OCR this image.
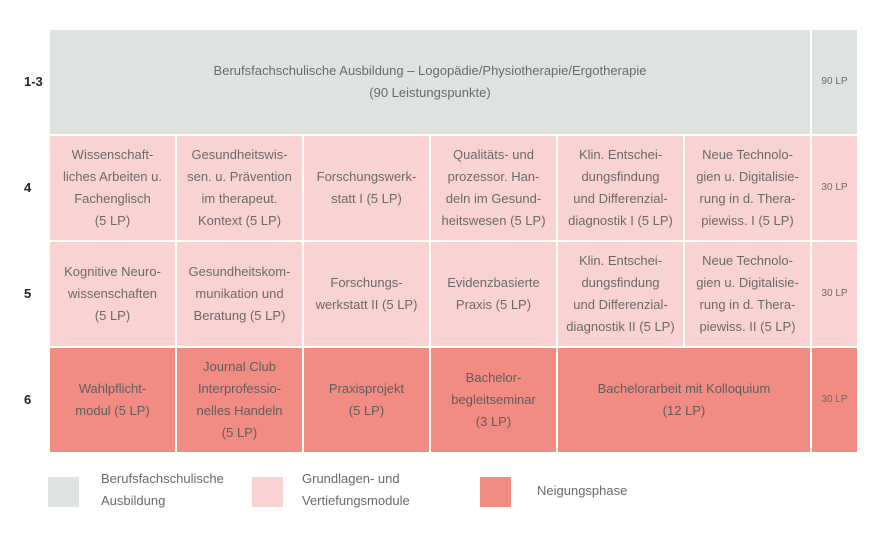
1-3
Berufsfachschulische Ausbildung – Logopädie/Physiotherapie/Ergotherapie
(90 Leistungspunkte)
90 LP
4
Wissenschaft-
liches Arbeiten u.
Fachenglisch
(5 LP)
Gesundheitswis-
sen. u. Prävention
im therapeut.
Kontext (5 LP)
Forschungswerk-
statt I (5 LP)
Qualitäts- und
prozessor. Han-
deln im Gesund-
heitswesen (5 LP)
Klin. Entschei-
dungsfindung
und Differenzial-
diagnostik I (5 LP)
Neue Technolo-
gien u. Digitalisie-
rung in d. Thera-
piewiss. I (5 LP)
30 LP
5
Kognitive Neuro-
wissenschaften
(5 LP)
Gesundheitskom-
munikation und
Beratung (5 LP)
Forschungs-
werkstatt II (5 LP)
Evidenzbasierte
Praxis (5 LP)
Klin. Entschei-
dungsfindung
und Differenzial-
diagnostik II (5 LP)
Neue Technolo-
gien u. Digitalisie-
rung in d. Thera-
piewiss. II (5 LP)
30 LP
6
Wahlpflicht-
modul (5 LP)
Journal Club
Interprofessio-
nelles Handeln
(5 LP)
Praxisprojekt
(5 LP)
Bachelor-
begleitseminar
(3 LP)
Bachelorarbeit mit Kolloquium
(12 LP)
30 LP
Berufsfachschulische
Ausbildung
Grundlagen- und
Vertiefungsmodule
Neigungsphase
